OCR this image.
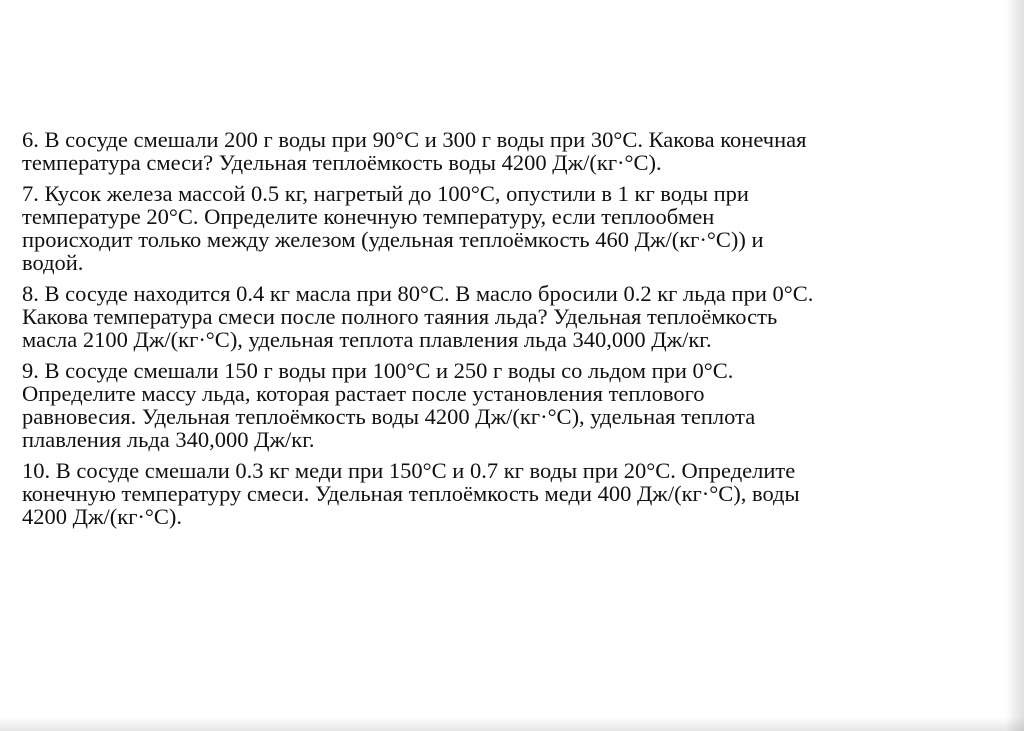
6. В сосуде смешали 200 г воды при 90°С и 300 г воды при 30°С. Какова конечная
температура смеси? Удельная теплоёмкость воды 4200 Дж/(кг·°С).

7. Кусок железа массой 0.5 кг, нагретый до 100°С, опустили в 1 кг воды при
температуре 20°С. Определите конечную температуру, если теплообмен
происходит только между железом (удельная теплоёмкость 460 Дж/(кг·°С)) и
водой.

8. В сосуде находится 0.4 кг масла при 80°С. В масло бросили 0.2 кг льда при 0°С.
Какова температура смеси после полного таяния льда? Удельная теплоёмкость
масла 2100 Дж/(кг·°С), удельная теплота плавления льда 340,000 Дж/кг.

9. В сосуде смешали 150 г воды при 100°С и 250 г воды со льдом при 0°С.
Определите массу льда, которая растает после установления теплового
равновесия. Удельная теплоёмкость воды 4200 Дж/(кг·°С), удельная теплота
плавления льда 340,000 Дж/кг.

10. В сосуде смешали 0.3 кг меди при 150°С и 0.7 кг воды при 20°С. Определите
конечную температуру смеси. Удельная теплоёмкость меди 400 Дж/(кг·°С), воды
4200 Дж/(кг·°С).
